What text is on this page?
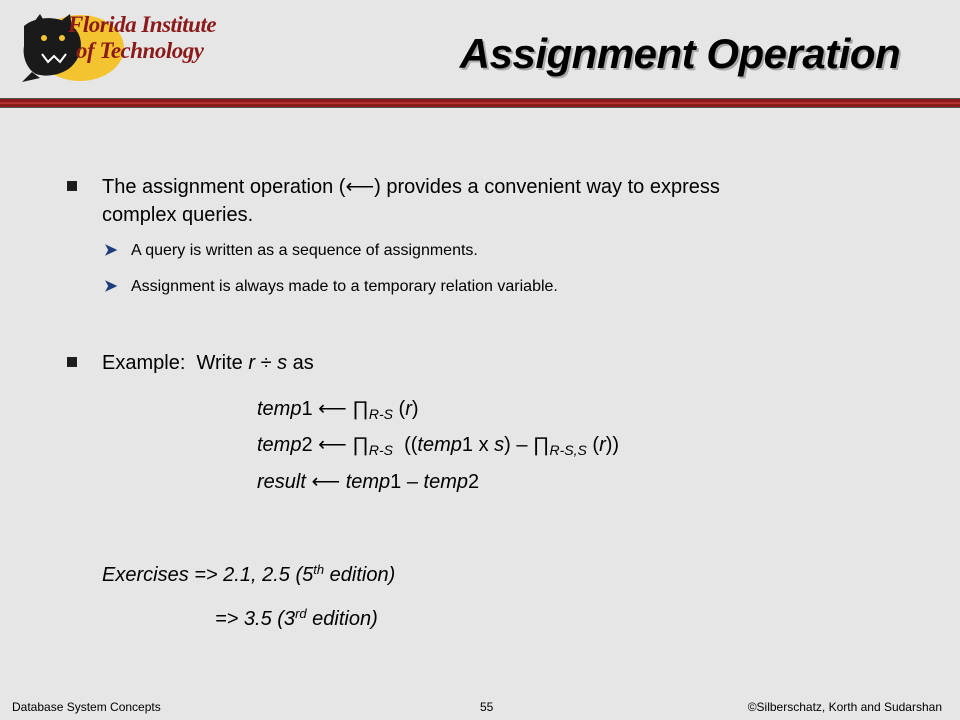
Florida Institute
of Technology	Assignment Operation
The assignment operation (⟵) provides a convenient way to express
complex queries.
➤ A query is written as a sequence of assignments.
➤ Assignment is always made to a temporary relation variable.
Example:  Write r ÷ s as
temp1 ⟵ $\prod_{R-S}$ (r)
temp2 ⟵ $\prod_{R-S}$  ((temp1 x $s) - \prod_{R-S,S}$ (r))
result ⟵ temp1 – temp2
Exercises => 2.1, 2.5 (5th edition)
=> 3.5 (3rd edition)
Database System Concepts	55	©Silberschatz, Korth and Sudarshan
